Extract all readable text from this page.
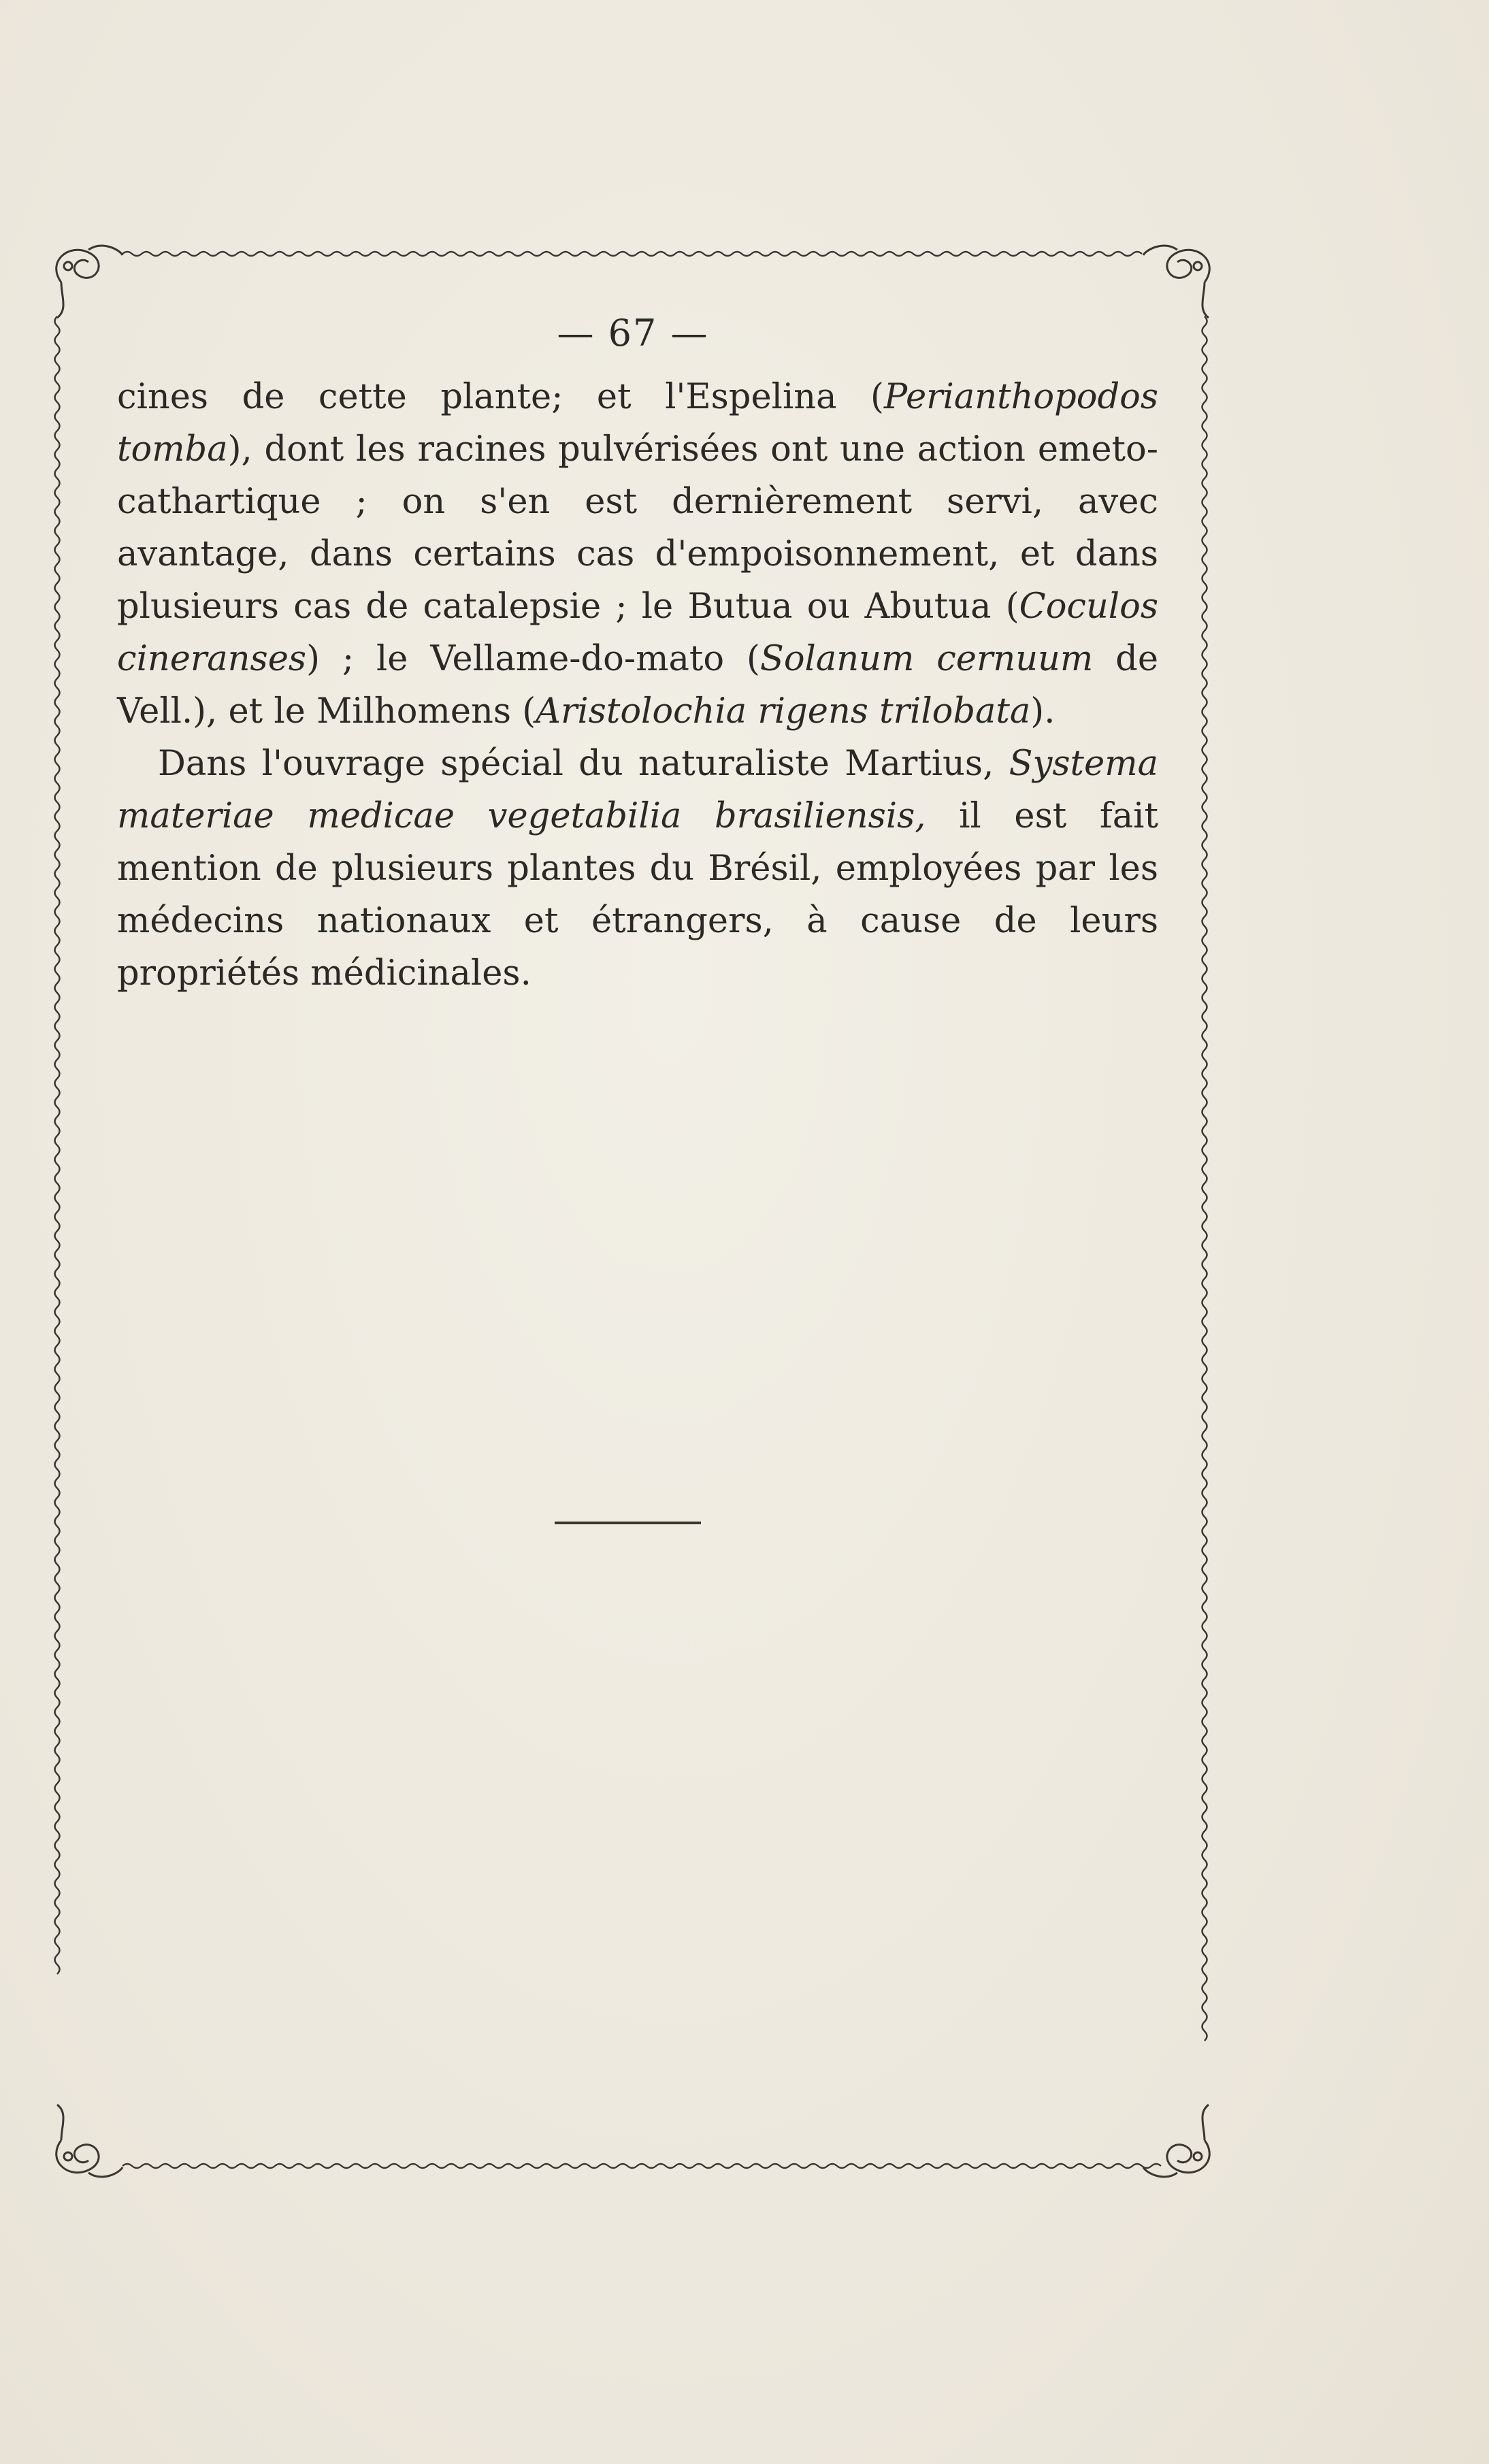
— 67 —

cines de cette plante; et l'Espelina (Perianthopodos tomba), dont les racines pulvérisées ont une action emeto-cathartique ; on s'en est dernièrement servi, avec avantage, dans certains cas d'empoisonnement, et dans plusieurs cas de catalepsie ; le Butua ou Abutua (Coculos cineranses) ; le Vellame-do-mato (Solanum cernuum de Vell.), et le Milhomens (Aristolochia rigens trilobata).

Dans l'ouvrage spécial du naturaliste Martius, Systema materiae medicae vegetabilia brasiliensis, il est fait mention de plusieurs plantes du Brésil, employées par les médecins nationaux et étrangers, à cause de leurs propriétés médicinales.
